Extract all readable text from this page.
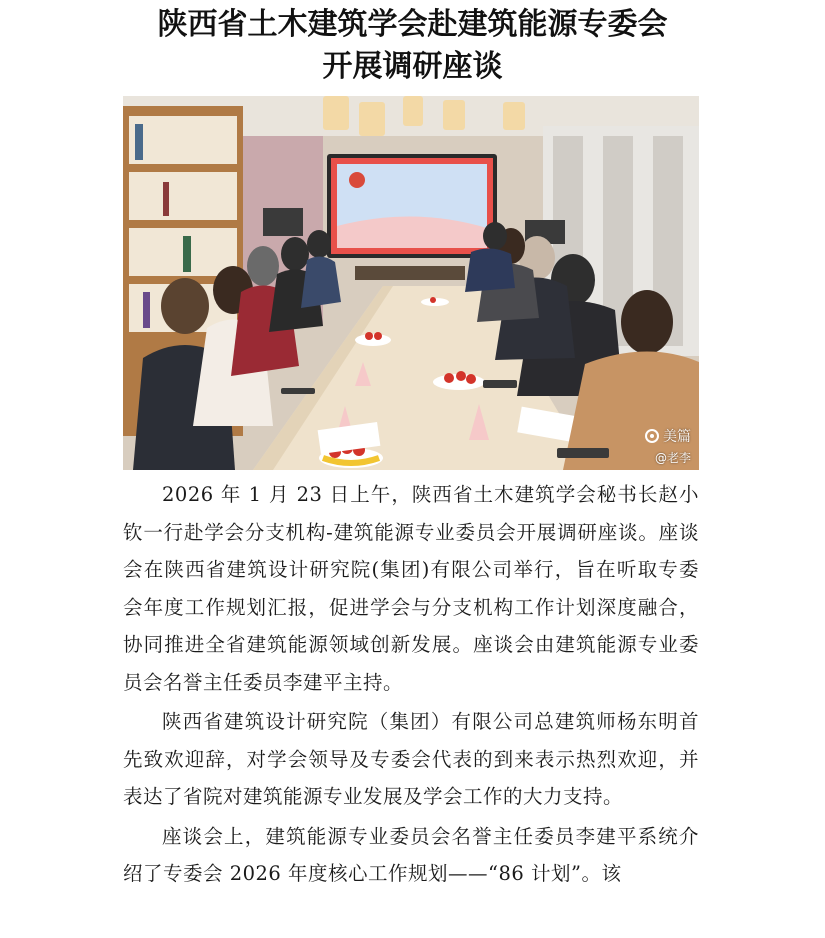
陕西省土木建筑学会赴建筑能源专委会
开展调研座谈
美篇
@老李

2026 年 1 月 23 日上午，陕西省土木建筑学会秘书长赵小钦一行赴学会分支机构-建筑能源专业委员会开展调研座谈。座谈会在陕西省建筑设计研究院(集团)有限公司举行，旨在听取专委会年度工作规划汇报，促进学会与分支机构工作计划深度融合，协同推进全省建筑能源领域创新发展。座谈会由建筑能源专业委员会名誉主任委员李建平主持。

陕西省建筑设计研究院（集团）有限公司总建筑师杨东明首先致欢迎辞，对学会领导及专委会代表的到来表示热烈欢迎，并表达了省院对建筑能源专业发展及学会工作的大力支持。

座谈会上，建筑能源专业委员会名誉主任委员李建平系统介绍了专委会 2026 年度核心工作规划——“86 计划”。该
